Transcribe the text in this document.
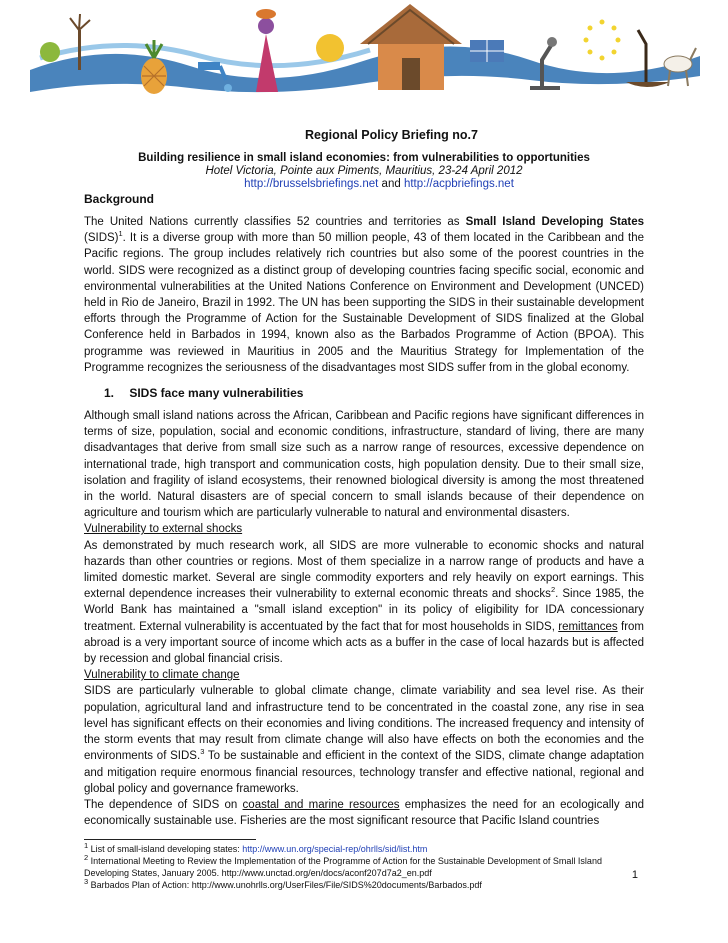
Regional Policy Briefing no.7
Building resilience in small island economies: from vulnerabilities to opportunities
Hotel Victoria, Pointe aux Piments, Mauritius, 23-24 April 2012
http://brusselsbriefings.net and http://acpbriefings.net
Background

The United Nations currently classifies 52 countries and territories as Small Island Developing States (SIDS)$^1$. It is a diverse group with more than 50 million people, 43 of them located in the Caribbean and the Pacific regions. The group includes relatively rich countries but also some of the poorest countries in the world. SIDS were recognized as a distinct group of developing countries facing specific social, economic and environmental vulnerabilities at the United Nations Conference on Environment and Development (UNCED) held in Rio de Janeiro, Brazil in 1992. The UN has been supporting the SIDS in their sustainable development efforts through the Programme of Action for the Sustainable Development of SIDS finalized at the Global Conference held in Barbados in 1994, known also as the Barbados Programme of Action (BPOA). This programme was reviewed in Mauritius in 2005 and the Mauritius Strategy for Implementation of the Programme recognizes the seriousness of the disadvantages most SIDS suffer from in the global economy.

1. SIDS face many vulnerabilities

Although small island nations across the African, Caribbean and Pacific regions have significant differences in terms of size, population, social and economic conditions, infrastructure, standard of living, there are many disadvantages that derive from small size such as a narrow range of resources, excessive dependence on international trade, high transport and communication costs, high population density. Due to their small size, isolation and fragility of island ecosystems, their renowned biological diversity is among the most threatened in the world. Natural disasters are of special concern to small islands because of their dependence on agriculture and tourism which are particularly vulnerable to natural and environmental disasters.

Vulnerability to external shocks

As demonstrated by much research work, all SIDS are more vulnerable to economic shocks and natural hazards than other countries or regions. Most of them specialize in a narrow range of products and have a limited domestic market. Several are single commodity exporters and rely heavily on export earnings. This external dependence increases their vulnerability to external economic threats and shocks$^2$. Since 1985, the World Bank has maintained a "small island exception" in its policy of eligibility for IDA concessionary treatment. External vulnerability is accentuated by the fact that for most households in SIDS, remittances from abroad is a very important source of income which acts as a buffer in the case of local hazards but is affected by recession and global financial crisis.

Vulnerability to climate change

SIDS are particularly vulnerable to global climate change, climate variability and sea level rise. As their population, agricultural land and infrastructure tend to be concentrated in the coastal zone, any rise in sea level has significant effects on their economies and living conditions. The increased frequency and intensity of the storm events that may result from climate change will also have effects on both the economies and the environments of SIDS.$^3$ To be sustainable and efficient in the context of the SIDS, climate change adaptation and mitigation require enormous financial resources, technology transfer and effective national, regional and global policy and governance frameworks.

The dependence of SIDS on coastal and marine resources emphasizes the need for an ecologically and economically sustainable use. Fisheries are the most significant resource that Pacific Island countries

$^1$ List of small-island developing states: http://www.un.org/special-rep/ohrlls/sid/list.htm

$^2$ International Meeting to Review the Implementation of the Programme of Action for the Sustainable Development of Small Island Developing States, January 2005. http://www.unctad.org/en/docs/aconf207d7a2_en.pdf

$^3$ Barbados Plan of Action: http://www.unohrlls.org/UserFiles/File/SIDS%20documents/Barbados.pdf

1
